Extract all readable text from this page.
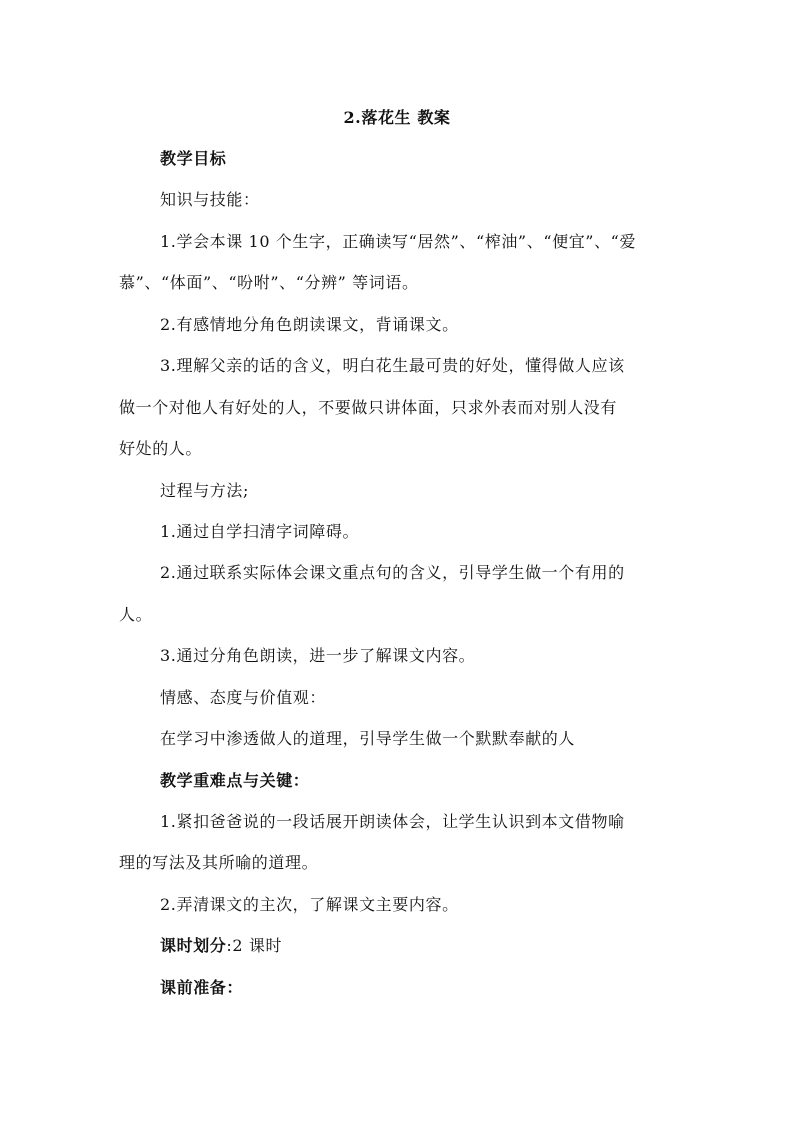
2.落花生 教案
教学目标
知识与技能：
1.学会本课 10 个生字，正确读写“居然”、“榨油”、“便宜”、“爱
慕”、“体面”、“吩咐”、“分辨” 等词语。
2.有感情地分角色朗读课文，背诵课文。
3.理解父亲的话的含义，明白花生最可贵的好处，懂得做人应该
做一个对他人有好处的人，不要做只讲体面，只求外表而对别人没有
好处的人。
过程与方法;
1.通过自学扫清字词障碍。
2.通过联系实际体会课文重点句的含义，引导学生做一个有用的
人。
3.通过分角色朗读，进一步了解课文内容。
情感、态度与价值观：
在学习中渗透做人的道理，引导学生做一个默默奉献的人
教学重难点与关键：
1.紧扣爸爸说的一段话展开朗读体会，让学生认识到本文借物喻
理的写法及其所喻的道理。
2.弄清课文的主次，了解课文主要内容。
课时划分:2 课时
课前准备：
